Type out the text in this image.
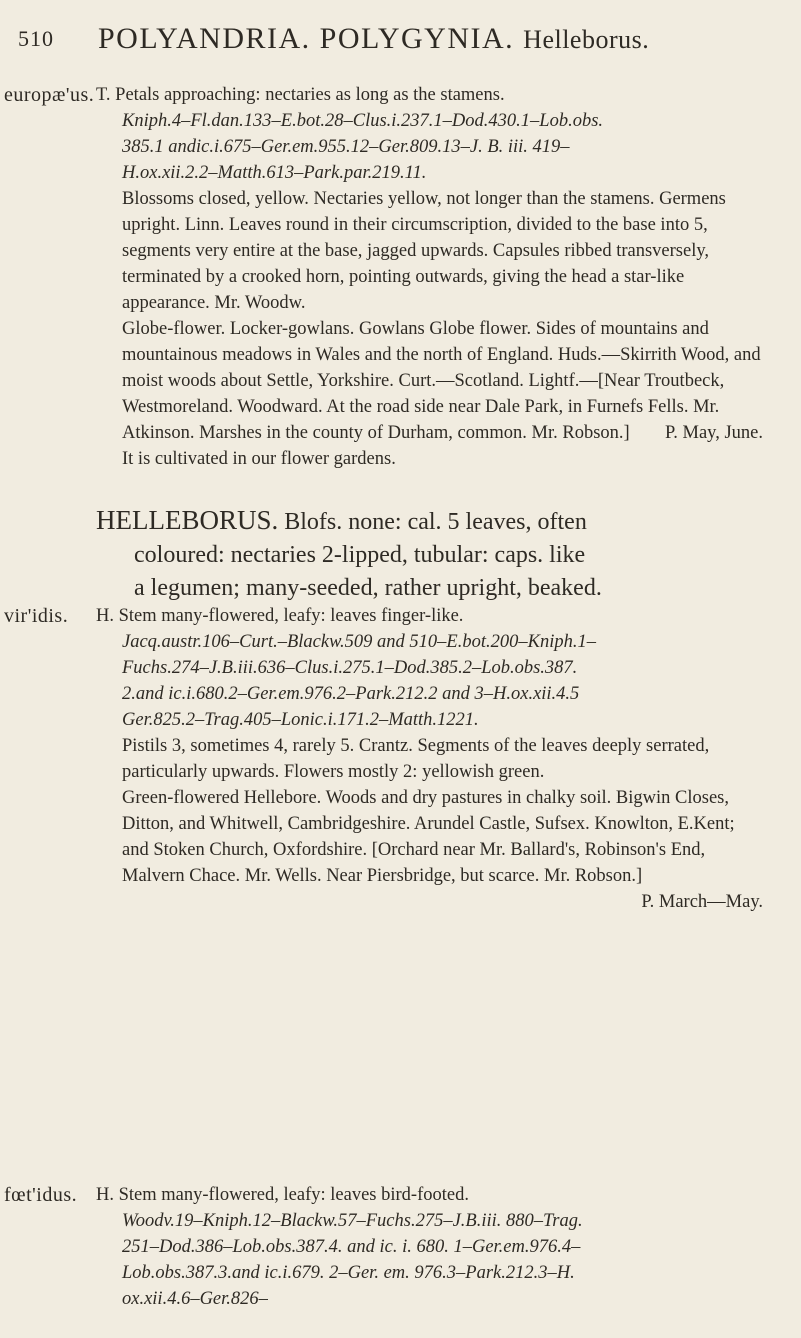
510 POLYANDRIA. POLYGYNIA. Helleborus.
europæ'us. T. Petals approaching: nectaries as long as the stamens.

Kniph.4–Fl.dan.133–E.bot.28–Clus.i.237.1–Dod.430.1–Lob.obs.

385.1 andic.i.675–Ger.em.955.12–Ger.809.13–J. B. iii. 419–

H.ox.xii.2.2–Matth.613–Park.par.219.11.

Blossoms closed, yellow. Nectaries yellow, not longer than the stamens. Germens upright. Linn. Leaves round in their circumscription, divided to the base into 5, segments very entire at the base, jagged upwards. Capsules ribbed transversely, terminated by a crooked horn, pointing outwards, giving the head a star-like appearance. Mr. Woodw.

Globe-flower. Locker-gowlans. Gowlans Globe flower. Sides of mountains and mountainous meadows in Wales and the north of England. Huds.—Skirrith Wood, and moist woods about Settle, Yorkshire. Curt.—Scotland. Lightf.—[Near Troutbeck, Westmoreland. Woodward. At the road side near Dale Park, in Furnefs Fells. Mr. Atkinson. Marshes in the county of Durham, common. Mr. Robson.] P. May, June.

It is cultivated in our flower gardens.

HELLEBORUS. Blofs. none: cal. 5 leaves, often

coloured: nectaries 2-lipped, tubular: caps. like

a legumen; many-seeded, rather upright, beaked.

vir'idis. H. Stem many-flowered, leafy: leaves finger-like.

Jacq.austr.106–Curt.–Blackw.509 and 510–E.bot.200–Kniph.1–

Fuchs.274–J.B.iii.636–Clus.i.275.1–Dod.385.2–Lob.obs.387.

2.and ic.i.680.2–Ger.em.976.2–Park.212.2 and 3–H.ox.xii.4.5

Ger.825.2–Trag.405–Lonic.i.171.2–Matth.1221.

Pistils 3, sometimes 4, rarely 5. Crantz. Segments of the leaves deeply serrated, particularly upwards. Flowers mostly 2: yellowish green.

Green-flowered Hellebore. Woods and dry pastures in chalky soil. Bigwin Closes, Ditton, and Whitwell, Cambridgeshire. Arundel Castle, Sufsex. Knowlton, E.Kent; and Stoken Church, Oxfordshire. [Orchard near Mr. Ballard's, Robinson's End, Malvern Chace. Mr. Wells. Near Piersbridge, but scarce. Mr. Robson.]
P. March—May.

fœt'idus. H. Stem many-flowered, leafy: leaves bird-footed.

Woodv.19–Kniph.12–Blackw.57–Fuchs.275–J.B.iii. 880–Trag.

251–Dod.386–Lob.obs.387.4. and ic. i. 680. 1–Ger.em.976.4–

Lob.obs.387.3.and ic.i.679. 2–Ger. em. 976.3–Park.212.3–H.

ox.xii.4.6–Ger.826–
